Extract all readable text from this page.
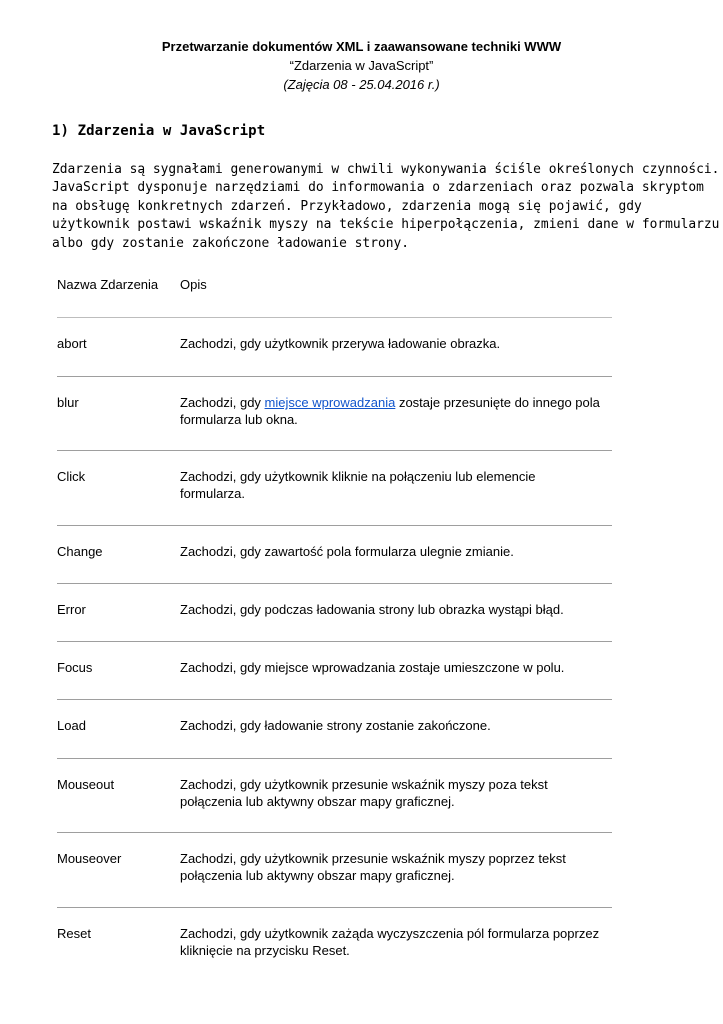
Przetwarzanie dokumentów XML i zaawansowane techniki WWW
“Zdarzenia w JavaScript”
(Zajęcia 08 - 25.04.2016 r.)
1) Zdarzenia w JavaScript

Zdarzenia są sygnałami generowanymi w chwili wykonywania ściśle określonych czynności.
JavaScript dysponuje narzędziami do informowania o zdarzeniach oraz pozwala skryptom
na obsługę konkretnych zdarzeń. Przykładowo, zdarzenia mogą się pojawić, gdy
użytkownik postawi wskaźnik myszy na tekście hiperpołączenia, zmieni dane w formularzu
albo gdy zostanie zakończone ładowanie strony.

Nazwa Zdarzenia	Opis
abort	Zachodzi, gdy użytkownik przerywa ładowanie obrazka.
blur	Zachodzi, gdy miejsce wprowadzania zostaje przesunięte do innego pola
formularza lub okna.
Click	Zachodzi, gdy użytkownik kliknie na połączeniu lub elemencie
formularza.
Change	Zachodzi, gdy zawartość pola formularza ulegnie zmianie.
Error	Zachodzi, gdy podczas ładowania strony lub obrazka wystąpi błąd.
Focus	Zachodzi, gdy miejsce wprowadzania zostaje umieszczone w polu.
Load	Zachodzi, gdy ładowanie strony zostanie zakończone.
Mouseout	Zachodzi, gdy użytkownik przesunie wskaźnik myszy poza tekst
połączenia lub aktywny obszar mapy graficznej.
Mouseover	Zachodzi, gdy użytkownik przesunie wskaźnik myszy poprzez tekst
połączenia lub aktywny obszar mapy graficznej.
Reset	Zachodzi, gdy użytkownik zażąda wyczyszczenia pól formularza poprzez
kliknięcie na przycisku Reset.
